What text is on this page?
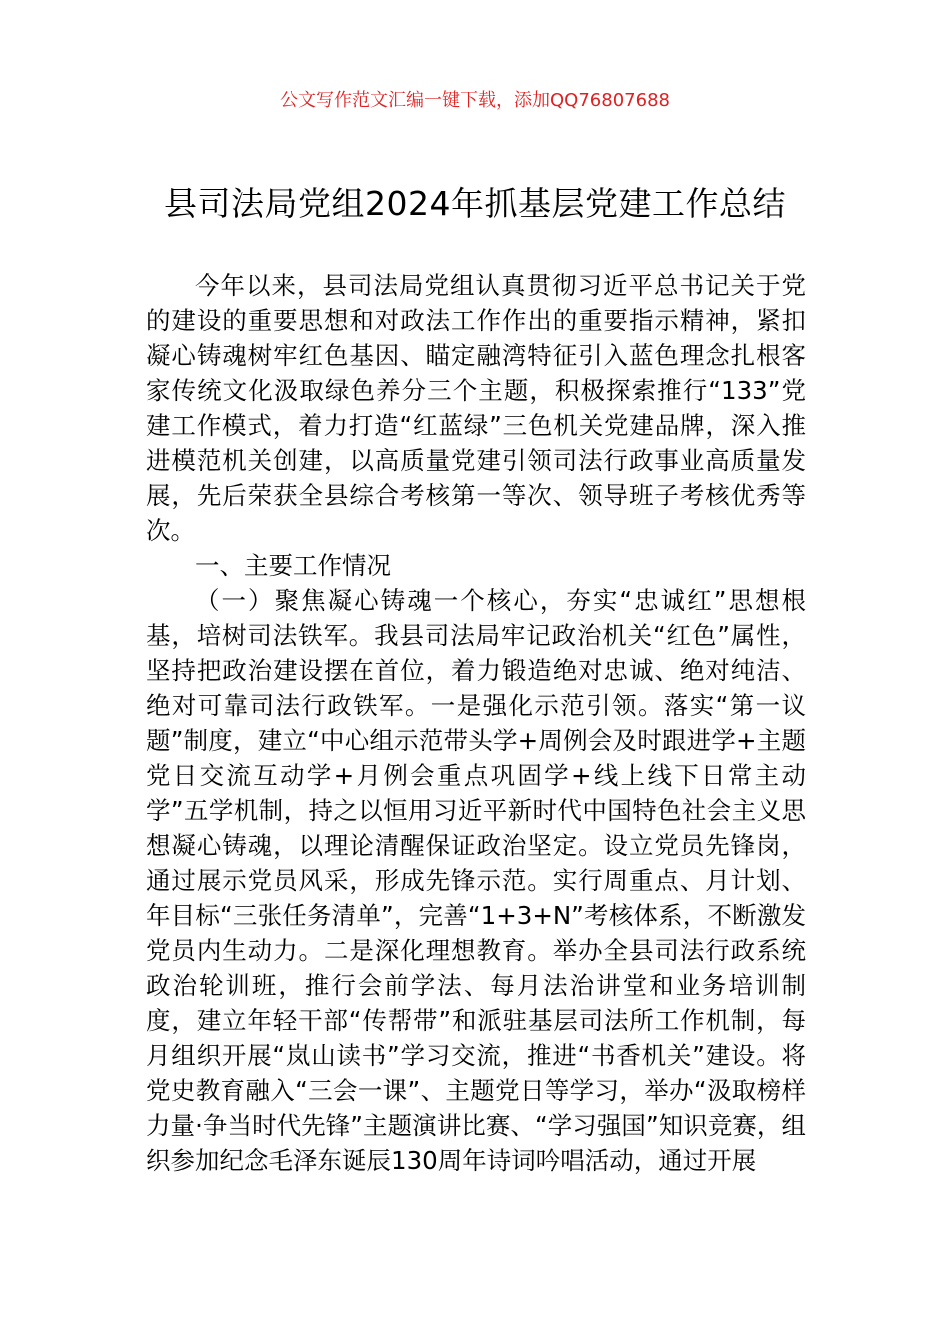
公文写作范文汇编一键下载，添加QQ76807688
县司法局党组2024年抓基层党建工作总结

今年以来，县司法局党组认真贯彻习近平总书记关于党的建设的重要思想和对政法工作作出的重要指示精神，紧扣凝心铸魂树牢红色基因、瞄定融湾特征引入蓝色理念扎根客家传统文化汲取绿色养分三个主题，积极探索推行“133”党建工作模式，着力打造“红蓝绿”三色机关党建品牌，深入推进模范机关创建，以高质量党建引领司法行政事业高质量发展，先后荣获全县综合考核第一等次、领导班子考核优秀等次。

一、主要工作情况

（一）聚焦凝心铸魂一个核心，夯实“忠诚红”思想根基，培树司法铁军。我县司法局牢记政治机关“红色”属性，坚持把政治建设摆在首位，着力锻造绝对忠诚、绝对纯洁、绝对可靠司法行政铁军。一是强化示范引领。落实“第一议题”制度，建立“中心组示范带头学+周例会及时跟进学+主题党日交流互动学+月例会重点巩固学+线上线下日常主动学”五学机制，持之以恒用习近平新时代中国特色社会主义思想凝心铸魂，以理论清醒保证政治坚定。设立党员先锋岗，通过展示党员风采，形成先锋示范。实行周重点、月计划、年目标“三张任务清单”，完善“1+3+N”考核体系，不断激发党员内生动力。二是深化理想教育。举办全县司法行政系统政治轮训班，推行会前学法、每月法治讲堂和业务培训制度，建立年轻干部“传帮带”和派驻基层司法所工作机制，每月组织开展“岚山读书”学习交流，推进“书香机关”建设。将党史教育融入“三会一课”、主题党日等学习，举办“汲取榜样力量·争当时代先锋”主题演讲比赛、“学习强国”知识竞赛，组织参加纪念毛泽东诞辰130周年诗词吟唱活动，通过开展
